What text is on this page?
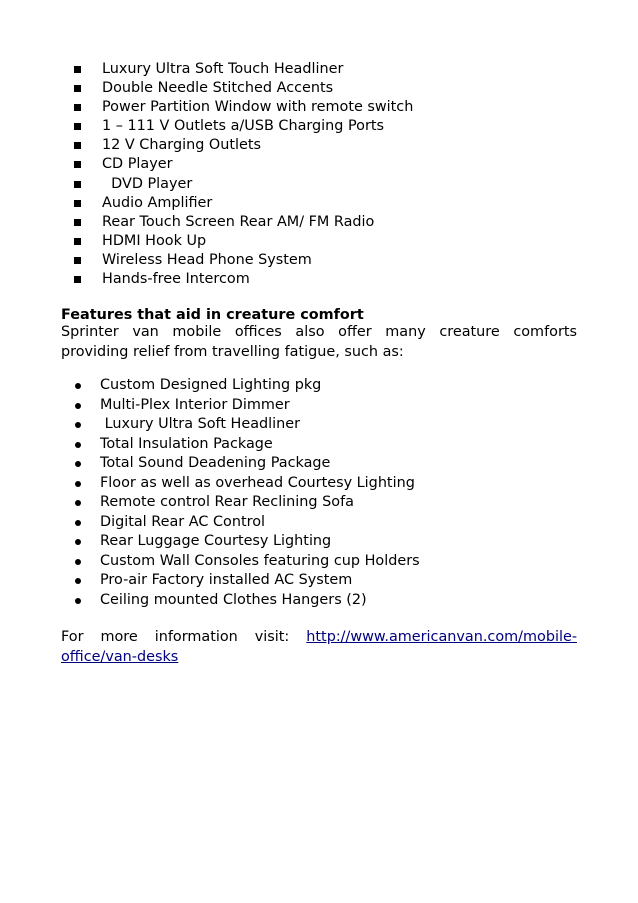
Luxury Ultra Soft Touch Headliner
Double Needle Stitched Accents
Power Partition Window with remote switch
1 – 111 V Outlets a/USB Charging Ports
12 V Charging Outlets
CD Player
DVD Player
Audio Amplifier
Rear Touch Screen Rear AM/ FM Radio
HDMI Hook Up
Wireless Head Phone System
Hands-free Intercom
Features that aid in creature comfort
Sprinter van mobile offices also offer many creature comforts
providing relief from travelling fatigue, such as:
Custom Designed Lighting pkg
Multi-Plex Interior Dimmer
Luxury Ultra Soft Headliner
Total Insulation Package
Total Sound Deadening Package
Floor as well as overhead Courtesy Lighting
Remote control Rear Reclining Sofa
Digital Rear AC Control
Rear Luggage Courtesy Lighting
Custom Wall Consoles featuring cup Holders
Pro-air Factory installed AC System
Ceiling mounted Clothes Hangers (2)
For more information visit: http://www.americanvan.com/mobile-
office/van-desks
